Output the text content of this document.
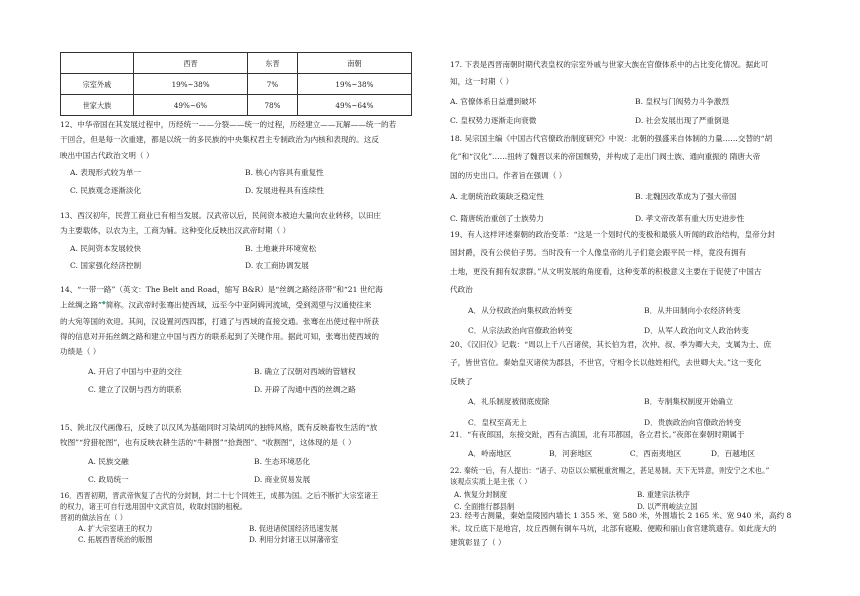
	西晋	东晋	南朝
宗室外戚	19%~38%	7%	19%~38%
世家大族	49%~6%	78%	49%~64%

12、中华帝国在其发展过程中，历经统一——分裂——统一的过程，历经建立——瓦解——统一的若

干回合，但是每一次重建，都是以统一的多民族的中央集权君主专制政治为内核和表现的。这反

映出中国古代政治文明（ ）

A. 表现形式较为单一	B. 核心内容具有重复性
C. 民族观念逐渐淡化	D. 发展进程具有连续性

13、西汉初年，民营工商业已有相当发展。汉武帝以后，民间资本被迫大量向农业转移，以田庄

为主要载体，以农为主，工商为辅。这种变化反映出汉武帝时期（ ）

A. 民间资本发展较快	B. 土地兼并环境宽松
C. 国家强化经济控制	D. 农工商协调发展

14、“一带一路”（英文：The Belt and Road，缩写 B&R）是“丝绸之路经济带”和“21 世纪海

上丝绸之路”◆简称。汉武帝时张骞出使西域，远至今中亚阿姆河流域，受到渴望与汉通使往来

的大宛等国的欢迎。其间，汉设置河西四郡，打通了与西域的直接交通。张骞在出使过程中所获

得的信息对开拓丝绸之路和建立中国与西方的联系起到了关键作用。据此可知，张骞出使西域的

功绩是（ ）

A. 开启了中国与中亚的交往	B. 确立了汉朝对西域的管辖权
C. 建立了汉朝与西方的联系	D. 开辟了沟通中西的丝绸之路

15、陕北汉代画像石，反映了以汉风为基础同时习染胡风的独特风格，既有反映畜牧生活的“放

牧图”“狩猎驼图”，也有反映农耕生活的“牛耕图”“拾粪图”、“收割图”，这体现的是（ ）

A. 民族交融	B. 生态环境恶化
C. 政局统一	D. 商业贸易发展

16．西晋初期，晋武帝恢复了古代的分封制，封二十七个同姓王，成都为国。之后不断扩大宗室诸王

的权力，诸王可自行选用国中文武官员，收取封国的租税。

晋初的做法旨在（ ）

A. 扩大宗室诸王的权力	B. 促进诸侯国经济迅速发展
C. 拓展西晋统治的版图	D. 利用分封诸王以屏藩帝室

17. 下表是西晋南朝时期代表皇权的宗室外戚与世家大族在官僚体系中的占比变化情况。据此可

知，这一时期（ ）

A. 官僚体系日益遭到破坏	B. 皇权与门阀势力斗争激烈
C. 皇权势力逐渐走向衰微	D. 社会发展出现了严重倒退

18. 吴宗国主编《中国古代官僚政治制度研究》中说：北朝的强盛来自体制的力量……交替的“胡

化”和“汉化”……扭转了魏晋以来的帝国颓势，并构成了走出门阀士族、通向重振的 隋唐大帝

国的历史出口。作者旨在强调（ ）

A. 北朝统治政策缺乏稳定性	B. 北魏因改革成为了强大帝国
C. 隋唐统治重创了士族势力	D. 孝文帝改革有重大历史进步性

19、有人这样评述秦朝的政治变革：“这是一个划时代的变极和最骇人听闻的政治结构，皇帝分封

国封爵，没有公侯伯子男。当时没有一个人像皇帝的儿子们竟会跟平民一样，竟没有拥有

土地，更没有拥有奴隶群。”从文明发展的角度看，这种变革的积极意义主要在于促使了中国古

代政治

A．从分权政治向集权政治转变	B．从井田制向小农经济转变
C．从宗法政治向官僚政治转变	D．从军人政治向文人政治转变

20、《汉旧仪》记载：“周以上千八百诸侯，其长伯为君，次仲、叔、季为卿大夫，支属为士、庶

子，皆世官位。秦始皇灭诸侯为郡县，不世官，守相令长以他姓相代，去世卿大夫。”这一变化

反映了

A．礼乐制度被彻底废除	B．专制集权制度开始确立
C．皇权至高无上	D．贵族政治向官僚政治转变

21．“有夜郎国，东接交趾，西有古滇国，北有邛都国，各立君长。”夜郎在秦朝时期属于

A．岭南地区	B．河套地区	C．西南夷地区	D．百越地区

22. 秦统一后，有人提出：“诸子、功臣以公赋税重赏赐之，甚足易制。天下无异意，则安宁之术也。”

该观点实质上是主张（ ）

A. 恢复分封制度	B. 重建宗法秩序
C. 全面推行郡县制	D. 以严刑峻法立国

23. 经考古测量，秦始皇陵园内墙长 1 355 米、宽 580 米，外围墙长 2 165 米、宽 940 米，高约 8

米。坟丘底下是地宫，坟丘西侧有铜车马坑，北部有寝殿、便殿和丽山食官建筑遗存。如此庞大的

建筑彰显了（ ）
